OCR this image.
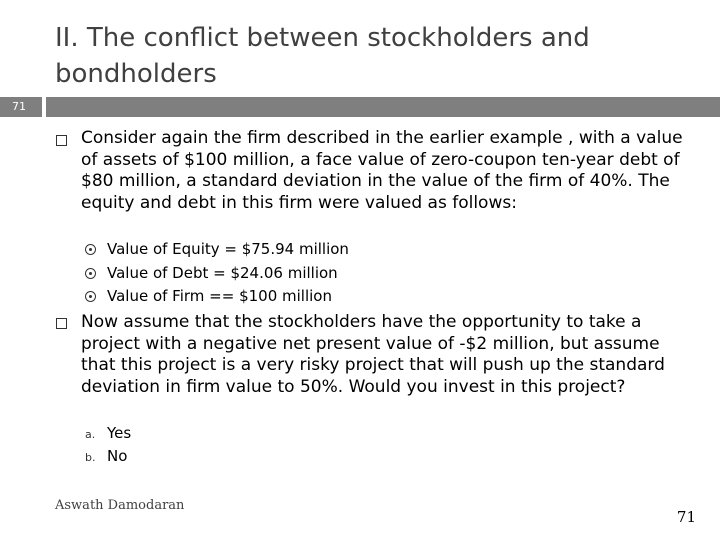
II. The conflict between stockholders and bondholders
71

Consider again the firm described in the earlier example , with a value of assets of $100 million, a face value of zero-coupon ten-year debt of $80 million, a standard deviation in the value of the firm of 40%. The equity and debt in this firm were valued as follows:

Value of Equity = $75.94 million
Value of Debt = $24.06 million
Value of Firm == $100 million

Now assume that the stockholders have the opportunity to take a project with a negative net present value of -$2 million, but assume that this project is a very risky project that will push up the standard deviation in firm value to 50%. Would you invest in this project?

a. Yes
b. No

Aswath Damodaran

71
